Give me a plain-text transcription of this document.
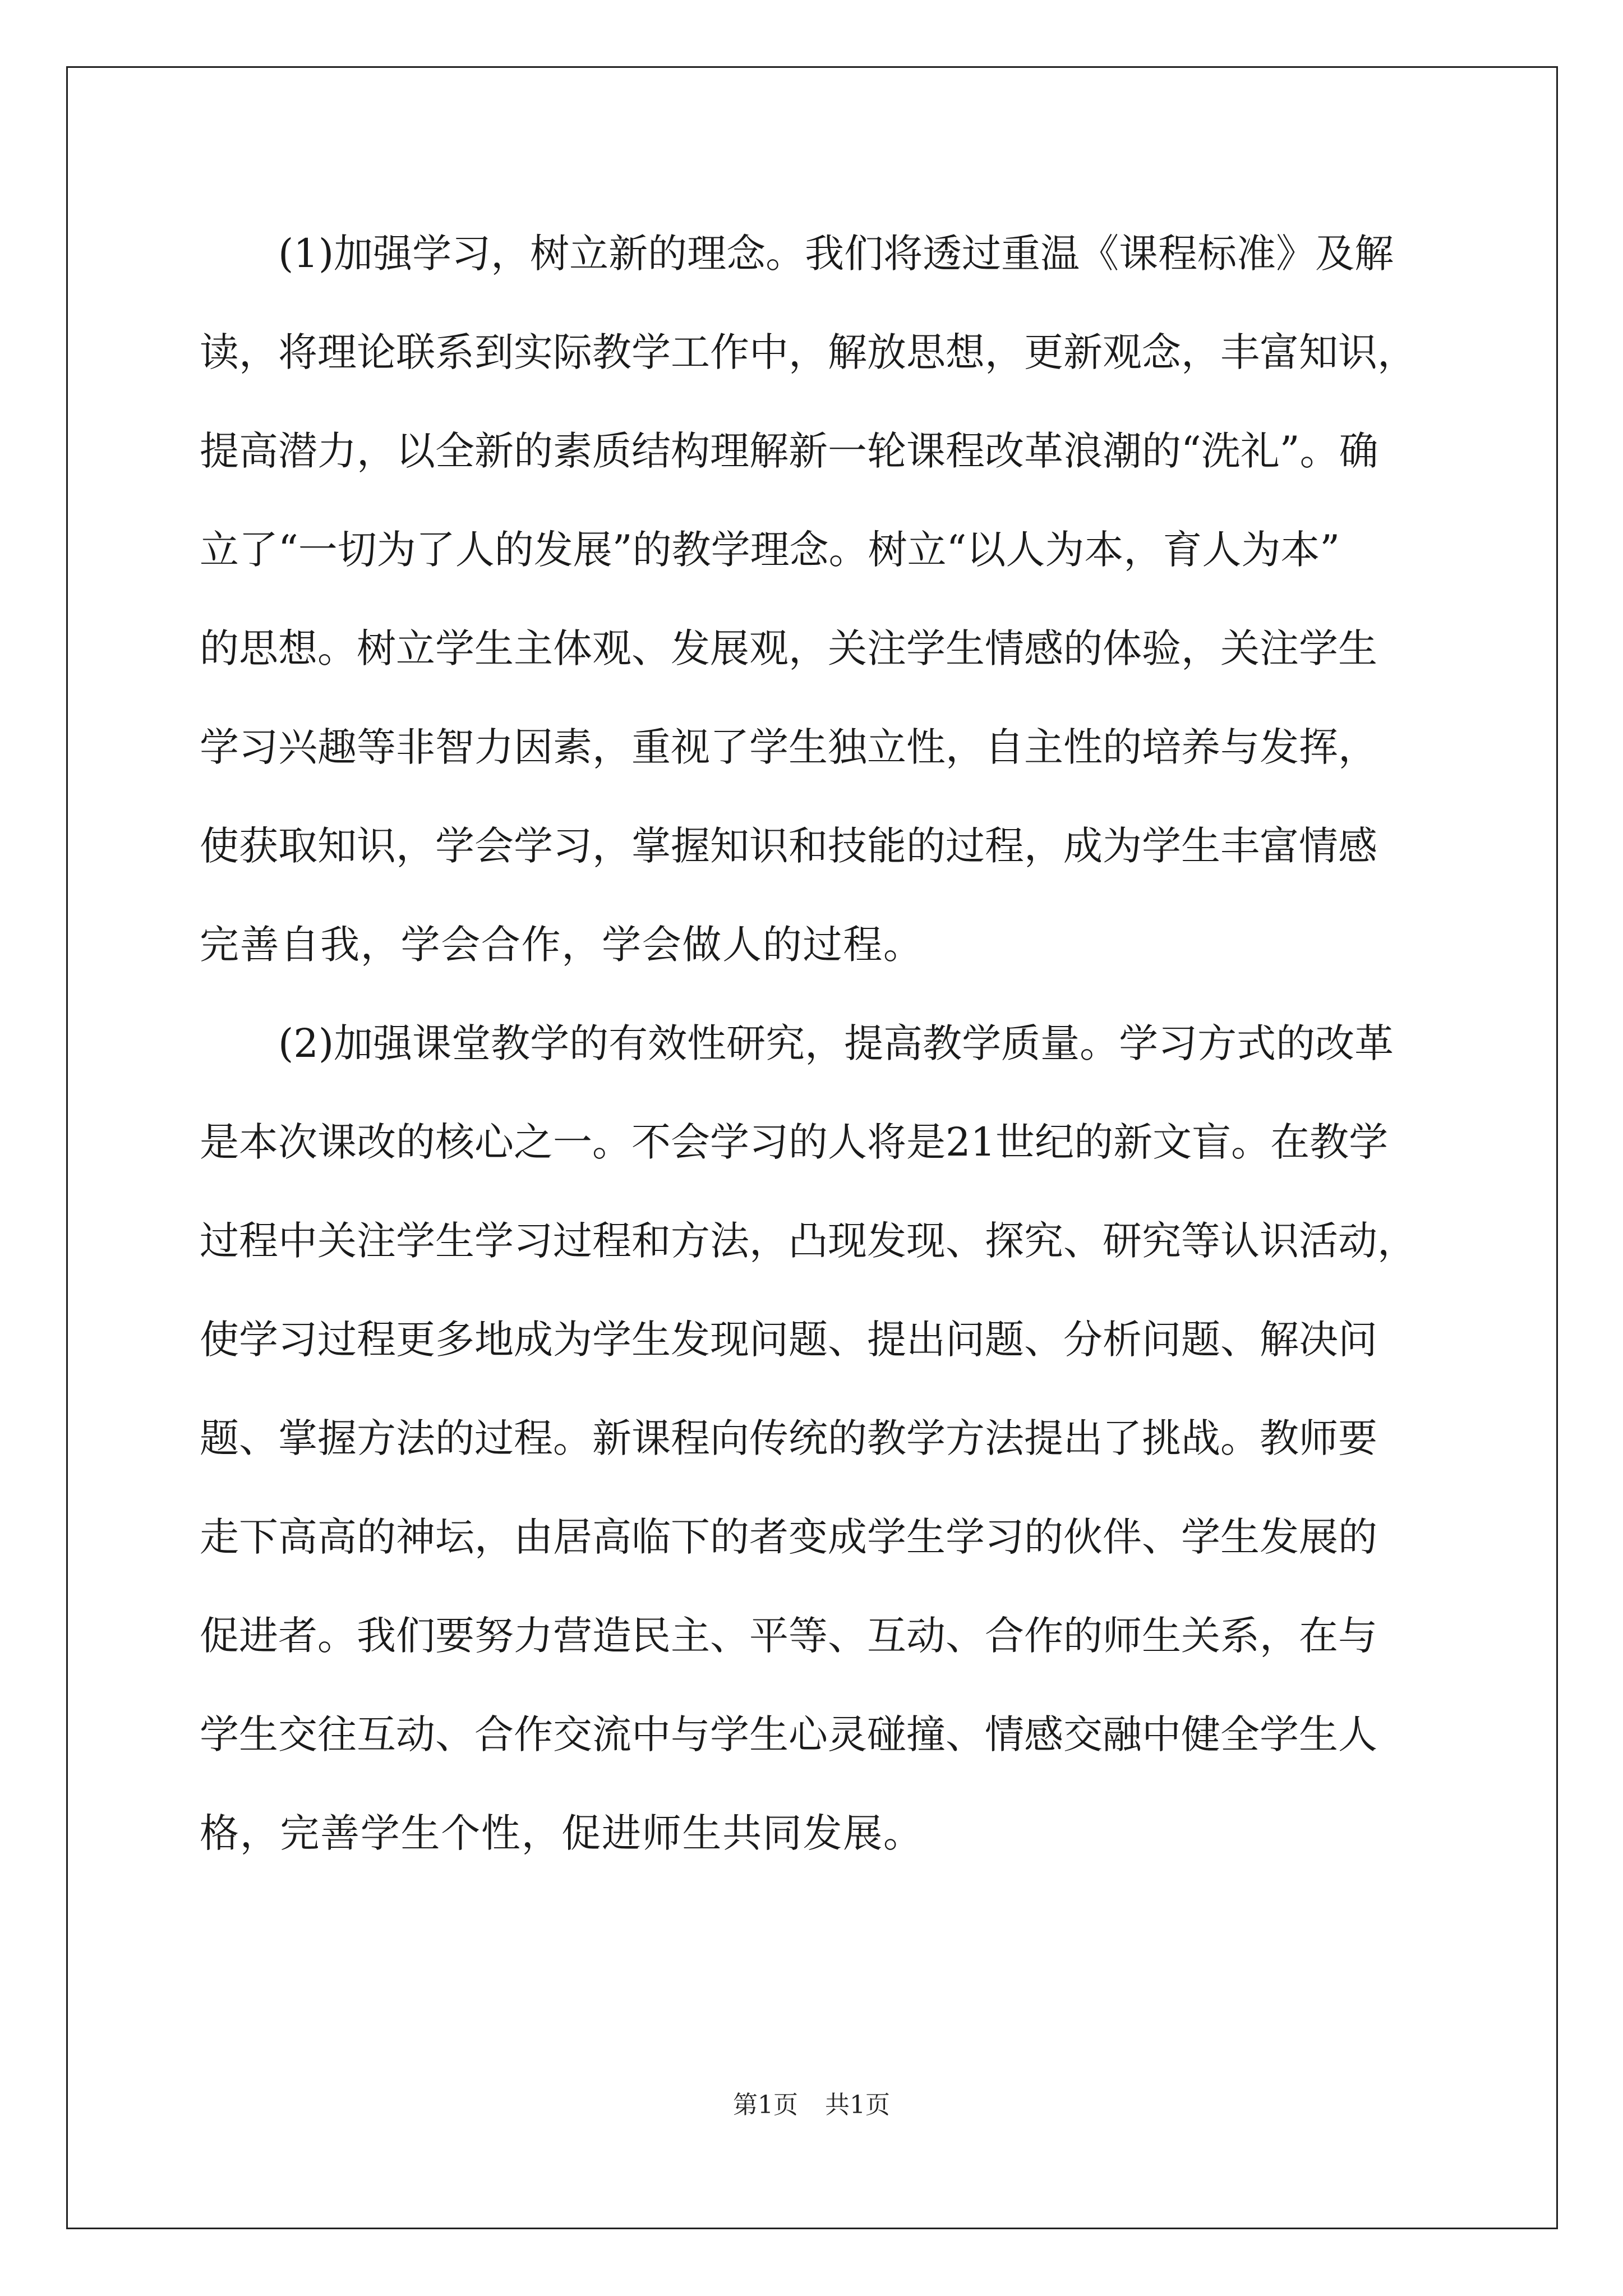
　　(1)加强学习，树立新的理念。我们将透过重温《课程标准》及解
读，将理论联系到实际教学工作中，解放思想，更新观念，丰富知识，
提高潜力，以全新的素质结构理解新一轮课程改革浪潮的“洗礼”。确
立了“一切为了人的发展”的教学理念。树立“以人为本，育人为本”
的思想。树立学生主体观、发展观，关注学生情感的体验，关注学生
学习兴趣等非智力因素，重视了学生独立性，自主性的培养与发挥，
使获取知识，学会学习，掌握知识和技能的过程，成为学生丰富情感
完善自我，学会合作，学会做人的过程。
　　(2)加强课堂教学的有效性研究，提高教学质量。学习方式的改革
是本次课改的核心之一。不会学习的人将是21世纪的新文盲。在教学
过程中关注学生学习过程和方法，凸现发现、探究、研究等认识活动，
使学习过程更多地成为学生发现问题、提出问题、分析问题、解决问
题、掌握方法的过程。新课程向传统的教学方法提出了挑战。教师要
走下高高的神坛，由居高临下的者变成学生学习的伙伴、学生发展的
促进者。我们要努力营造民主、平等、互动、合作的师生关系，在与
学生交往互动、合作交流中与学生心灵碰撞、情感交融中健全学生人
格，完善学生个性，促进师生共同发展。
第1页 共1页
